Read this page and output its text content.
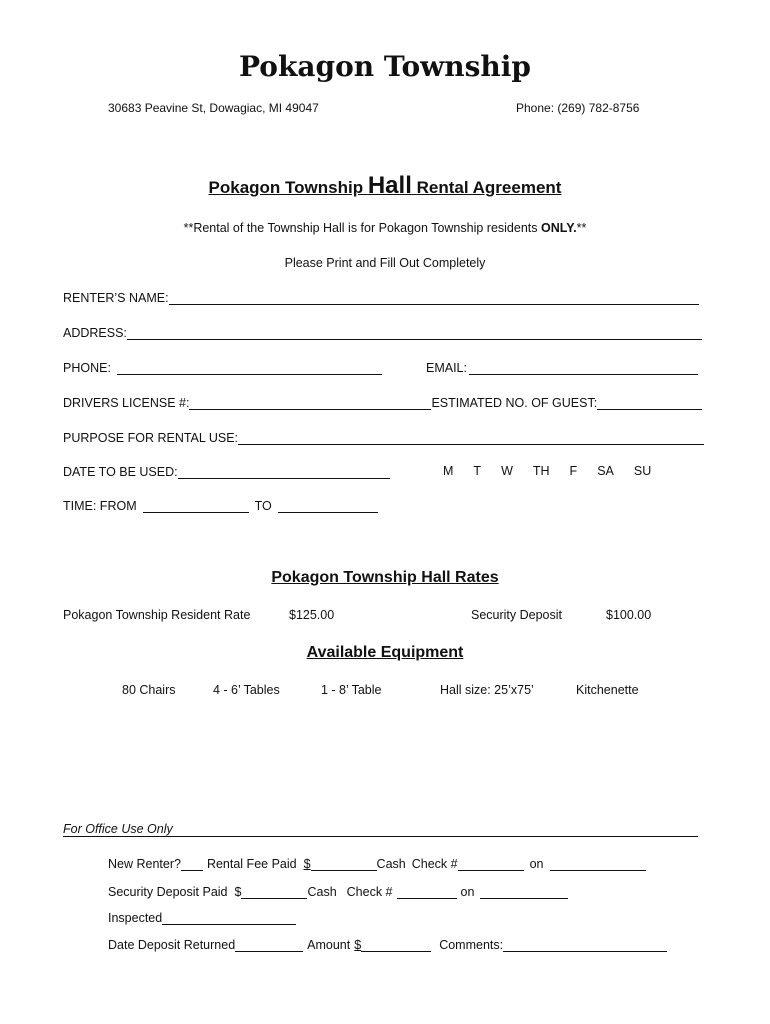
Pokagon Township
30683 Peavine St, Dowagiac, MI 49047	Phone: (269) 782-8756
Pokagon Township Hall Rental Agreement
**Rental of the Township Hall is for Pokagon Township residents ONLY.**
Please Print and Fill Out Completely
RENTER’S NAME:
ADDRESS:
PHONE:	EMAIL:
DRIVERS LICENSE #:	ESTIMATED NO. OF GUEST:
PURPOSE FOR RENTAL USE:
DATE TO BE USED:	M T W TH F SA SU
TIME: FROM	TO
Pokagon Township Hall Rates
Pokagon Township Resident Rate	$125.00	Security Deposit	$100.00
Available Equipment
80 Chairs	4 - 6’ Tables	1 - 8’ Table	Hall size: 25’x75’	Kitchenette
For Office Use Only
New Renter? Rental Fee Paid $	Cash Check #	on
Security Deposit Paid $	Cash Check #	on
Inspected
Date Deposit Returned	Amount $	Comments:
